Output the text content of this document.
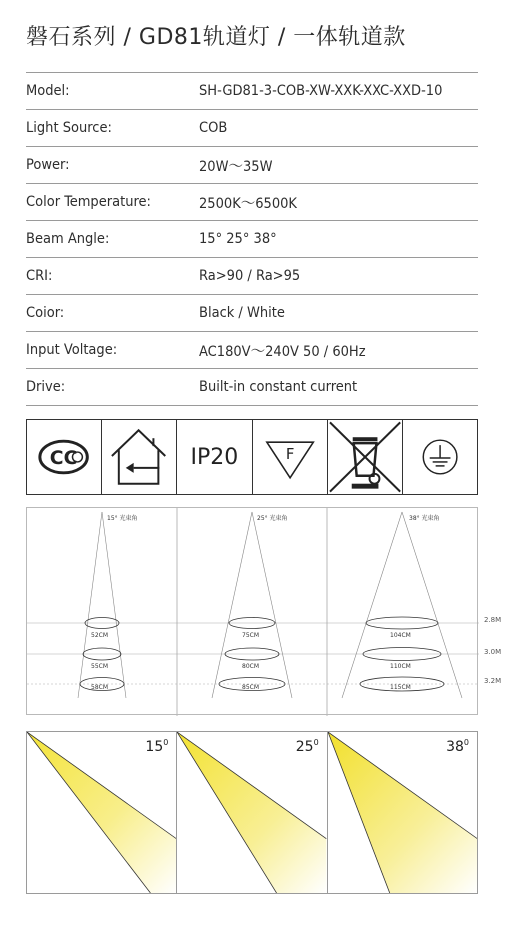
磐石系列 / GD81轨道灯 / 一体轨道款
Model:	SH-GD81-3-COB-XW-XXK-XXC-XXD-10
Light Source:	COB
Power:	20W～35W
Color Temperature:	2500K～6500K
Beam Angle:	15° 25° 38°
CRI:	Ra>90 / Ra>95
Coior:	Black / White
Input Voltage:	AC180V～240V 50 / 60Hz
Drive:	Built-in constant current
CC	IP20	F
15° 光束角
52CM
55CM
58CM
25° 光束角
75CM
80CM
85CM
38° 光束角
104CM
110CM
115CM
2.8M
3.0M
3.2M
$15^0$	$25^0$	$38^0$
